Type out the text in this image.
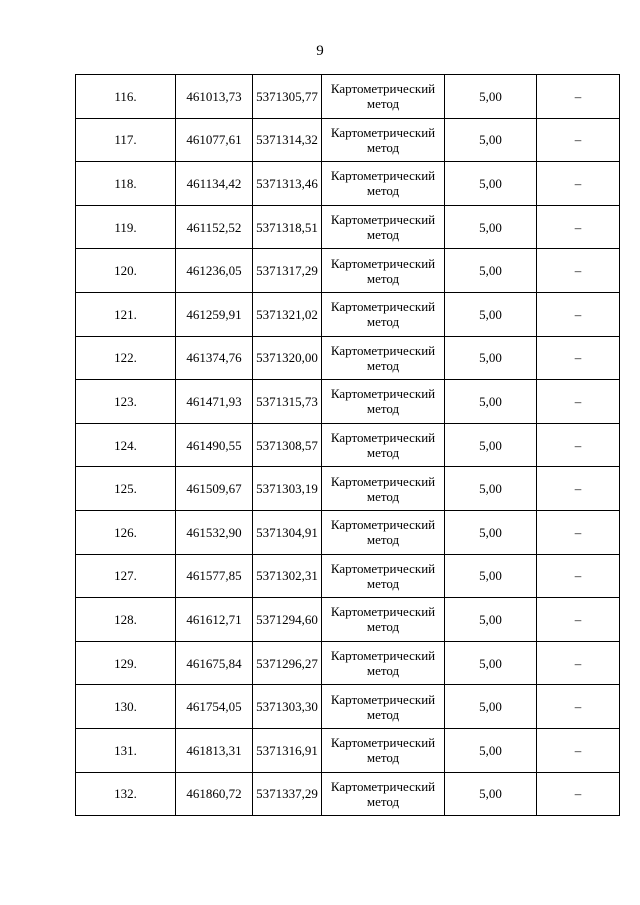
9
116.	461013,73	5371305,77	Картометрический метод	5,00	–
117.	461077,61	5371314,32	Картометрический метод	5,00	–
118.	461134,42	5371313,46	Картометрический метод	5,00	–
119.	461152,52	5371318,51	Картометрический метод	5,00	–
120.	461236,05	5371317,29	Картометрический метод	5,00	–
121.	461259,91	5371321,02	Картометрический метод	5,00	–
122.	461374,76	5371320,00	Картометрический метод	5,00	–
123.	461471,93	5371315,73	Картометрический метод	5,00	–
124.	461490,55	5371308,57	Картометрический метод	5,00	–
125.	461509,67	5371303,19	Картометрический метод	5,00	–
126.	461532,90	5371304,91	Картометрический метод	5,00	–
127.	461577,85	5371302,31	Картометрический метод	5,00	–
128.	461612,71	5371294,60	Картометрический метод	5,00	–
129.	461675,84	5371296,27	Картометрический метод	5,00	–
130.	461754,05	5371303,30	Картометрический метод	5,00	–
131.	461813,31	5371316,91	Картометрический метод	5,00	–
132.	461860,72	5371337,29	Картометрический метод	5,00	–
